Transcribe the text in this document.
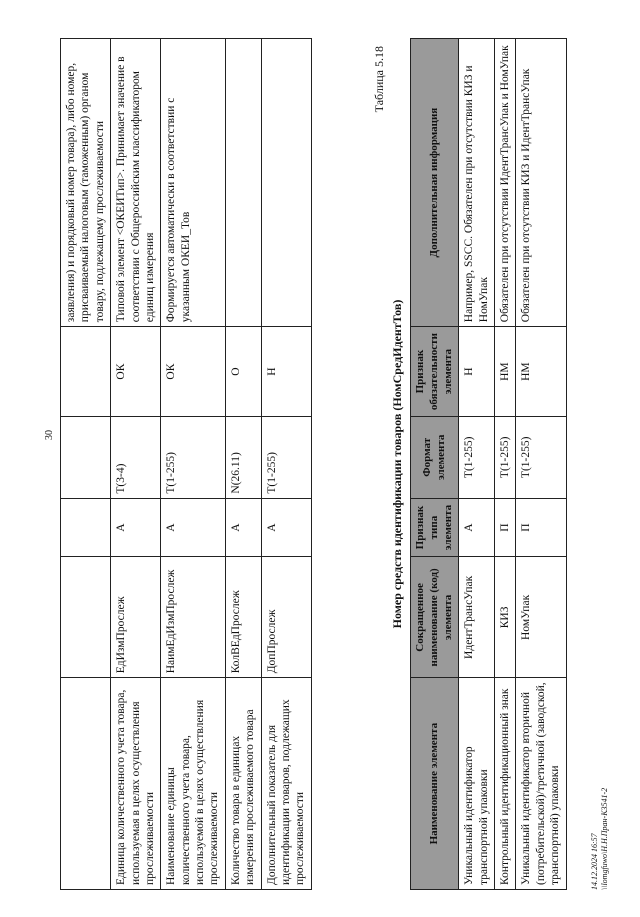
30
					заявления) и порядковый номер товара), либо номер, присваиваемый налоговым (таможенным) органом товару, подлежащему прослеживаемости
Единица количественного учета товара, используемая в целях осуществления прослеживаемости	ЕдИзмПрослеж	А	Т(3-4)	ОК	Типовой элемент <ОКЕИТип>. Принимает значение в соответствии с Общероссийским классификатором единиц измерения
Наименование единицы количественного учета товара, используемой в целях осуществления прослеживаемости	НаимЕдИзмПрослеж	А	Т(1-255)	ОК	Формируется автоматически в соответствии с указанным ОКЕИ_Тов
Количество товара в единицах измерения прослеживаемого товара	КолВЕдПрослеж	А	N(26.11)	О	
Дополнительный показатель для идентификации товаров, подлежащих прослеживаемости	ДопПрослеж	А	Т(1-255)	Н	
Таблица 5.18
Номер средств идентификации товаров (НомСредИдентТов)
Наименование элемента	Сокращенное наименование (код) элемента	Признак типа элемента	Формат элемента	Признак обязательности элемента	Дополнительная информация
Уникальный идентификатор транспортной упаковки	ИдентТрансУпак	А	Т(1-255)	Н	Например, SSCC. Обязателен при отсутствии КИЗ и НомУпак
Контрольный идентификационный знак	КИЗ	П	Т(1-255)	НМ	Обязателен при отсутствии ИдентТрансУпак и НомУпак
Уникальный идентификатор вторичной (потребительской)/третичной (заводской, транспортной) упаковки	НомУпак	П	Т(1-255)	НМ	Обязателен при отсутствии КИЗ и ИдентТрансУпак
14.12.2024 16:57 \\lomgfuwo\Н.Н.Пран-КЗ541-2
